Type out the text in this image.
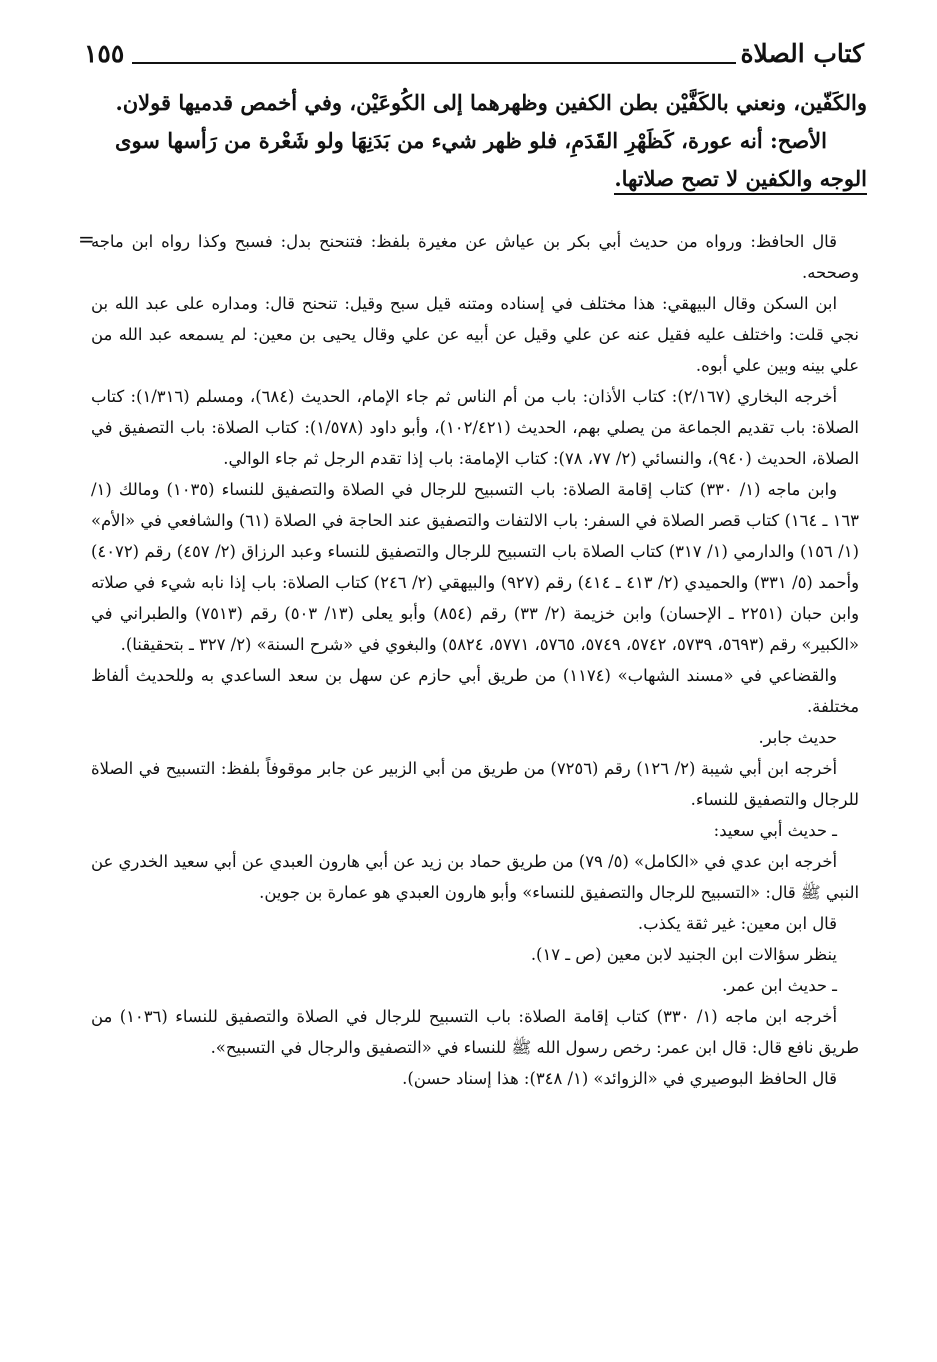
كتاب الصلاة
١٥٥

والكَفّين، ونعني بالكَفَّيْن بطن الكفين وظهرهما إلى الكُوعَيْن، وفي أخمص قدميها قولان.

الأصح: أنه عورة، كَظَهْرِ القَدَمِ، فلو ظهر شيء من بَدَنِهَا ولو شَعْرة من رَأسها سوى

الوجه والكفين لا تصح صلاتها.

=

قال الحافظ: ورواه من حديث أبي بكر بن عياش عن مغيرة بلفظ: فتنحنح بدل: فسبح وكذا رواه ابن ماجه وصححه.

ابن السكن وقال البيهقي: هذا مختلف في إسناده ومتنه قيل سبح وقيل: تنحنح قال: ومداره على عبد الله بن نجي قلت: واختلف عليه فقيل عنه عن علي وقيل عن أبيه عن علي وقال يحيى بن معين: لم يسمعه عبد الله من علي بينه وبين علي أبوه.

أخرجه البخاري (٢/١٦٧): كتاب الأذان: باب من أم الناس ثم جاء الإمام، الحديث (٦٨٤)، ومسلم (١/٣١٦): كتاب الصلاة: باب تقديم الجماعة من يصلي بهم، الحديث (١٠٢/٤٢١)، وأبو داود (١/٥٧٨): كتاب الصلاة: باب التصفيق في الصلاة، الحديث (٩٤٠)، والنسائي (٢/ ٧٧، ٧٨): كتاب الإمامة: باب إذا تقدم الرجل ثم جاء الوالي.

وابن ماجه (١/ ٣٣٠) كتاب إقامة الصلاة: باب التسبيح للرجال في الصلاة والتصفيق للنساء (١٠٣٥) ومالك (١/ ١٦٣ ـ ١٦٤) كتاب قصر الصلاة في السفر: باب الالتفات والتصفيق عند الحاجة في الصلاة (٦١) والشافعي في «الأم» (١/ ١٥٦) والدارمي (١/ ٣١٧) كتاب الصلاة باب التسبيح للرجال والتصفيق للنساء وعبد الرزاق (٢/ ٤٥٧) رقم (٤٠٧٢) وأحمد (٥/ ٣٣١) والحميدي (٢/ ٤١٣ ـ ٤١٤) رقم (٩٢٧) والبيهقي (٢/ ٢٤٦) كتاب الصلاة: باب إذا نابه شيء في صلاته وابن حبان (٢٢٥١ ـ الإحسان) وابن خزيمة (٢/ ٣٣) رقم (٨٥٤) وأبو يعلى (١٣/ ٥٠٣) رقم (٧٥١٣) والطبراني في «الكبير» رقم (٥٦٩٣، ٥٧٣٩، ٥٧٤٢، ٥٧٤٩، ٥٧٦٥، ٥٧٧١، ٥٨٢٤) والبغوي في «شرح السنة» (٢/ ٣٢٧ ـ بتحقيقنا).

والقضاعي في «مسند الشهاب» (١١٧٤) من طريق أبي حازم عن سهل بن سعد الساعدي به وللحديث ألفاظ مختلفة.

حديث جابر.

أخرجه ابن أبي شيبة (٢/ ١٢٦) رقم (٧٢٥٦) من طريق من أبي الزبير عن جابر موقوفاً بلفظ: التسبيح في الصلاة للرجال والتصفيق للنساء.

ـ حديث أبي سعيد:

أخرجه ابن عدي في «الكامل» (٥/ ٧٩) من طريق حماد بن زيد عن أبي هارون العبدي عن أبي سعيد الخدري عن النبي ﷺ قال: «التسبيح للرجال والتصفيق للنساء» وأبو هارون العبدي هو عمارة بن جوين.

قال ابن معين: غير ثقة يكذب.

ينظر سؤالات ابن الجنيد لابن معين (ص ـ ١٧).

ـ حديث ابن عمر.

أخرجه ابن ماجه (١/ ٣٣٠) كتاب إقامة الصلاة: باب التسبيح للرجال في الصلاة والتصفيق للنساء (١٠٣٦) من طريق نافع قال: قال ابن عمر: رخص رسول الله ﷺ للنساء في «التصفيق والرجال في التسبيح».

قال الحافظ البوصيري في «الزوائد» (١/ ٣٤٨): هذا إسناد حسن).
